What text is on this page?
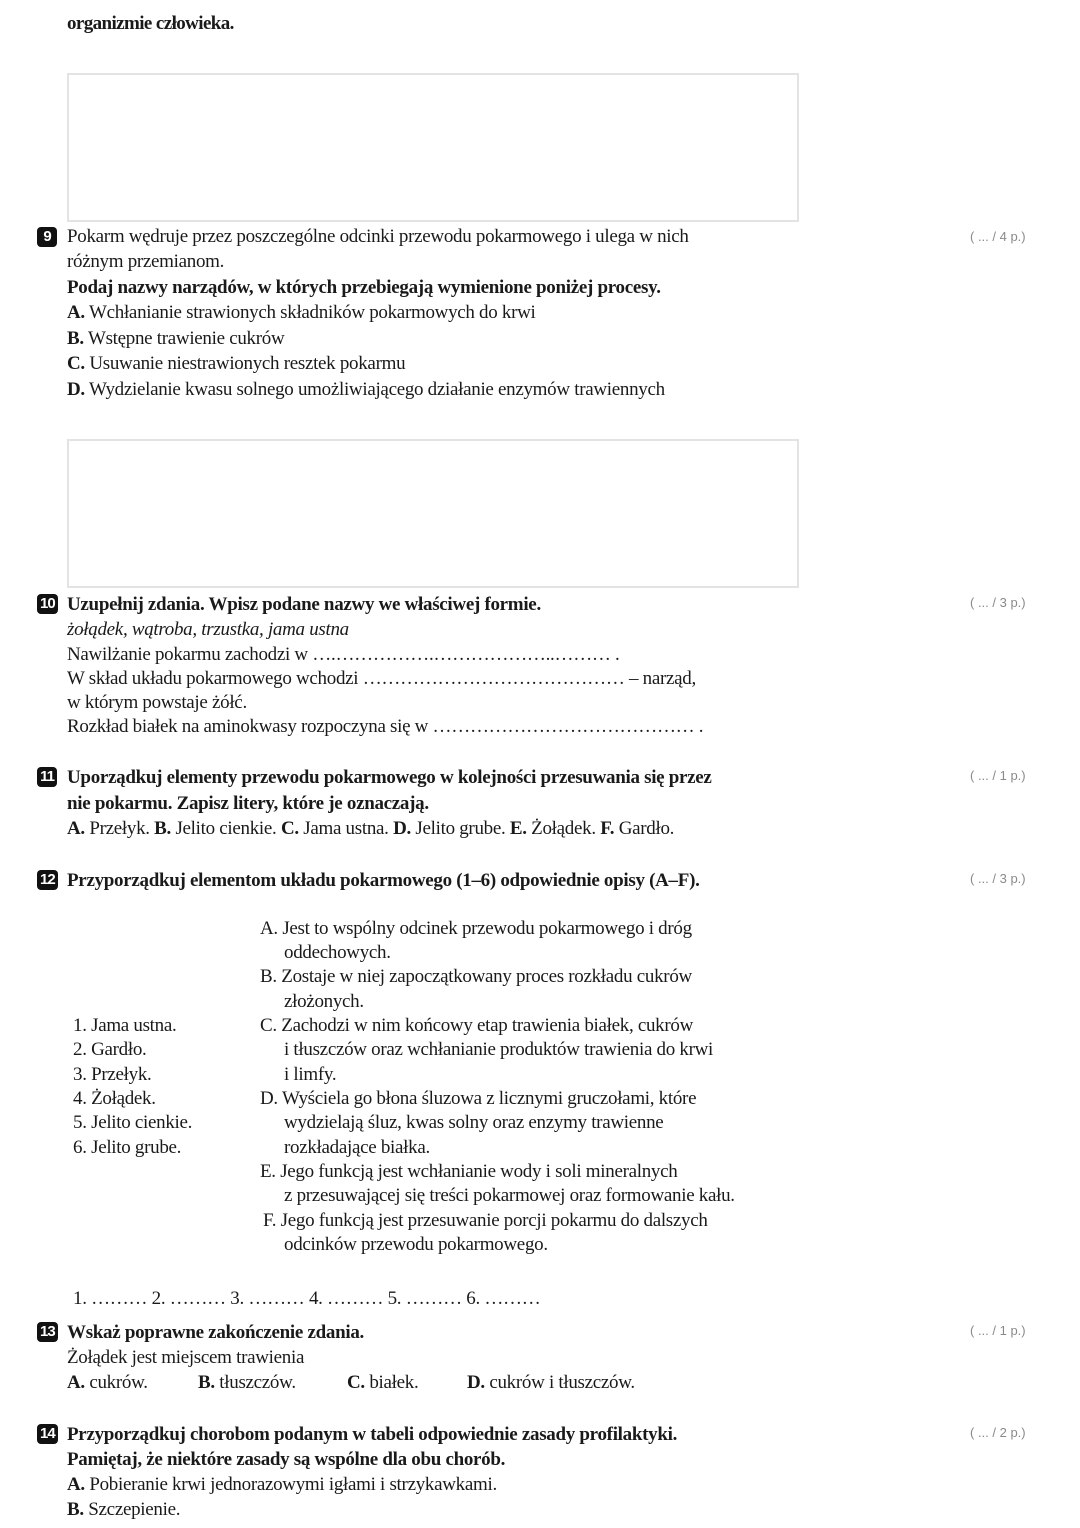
organizmie człowieka.
9	( ... / 4 p.)
Pokarm wędruje przez poszczególne odcinki przewodu pokarmowego i ulega w nich
różnym przemianom.
Podaj nazwy narządów, w których przebiegają wymienione poniżej procesy.
A. Wchłanianie strawionych składników pokarmowych do krwi
B. Wstępne trawienie cukrów
C. Usuwanie niestrawionych resztek pokarmu
D. Wydzielanie kwasu solnego umożliwiającego działanie enzymów trawiennych
10	( ... / 3 p.)
Uzupełnij zdania. Wpisz podane nazwy we właściwej formie.
żołądek, wątroba, trzustka, jama ustna
Nawilżanie pokarmu zachodzi w ….…………….………………..……… .
W skład układu pokarmowego wchodzi …………………………………… – narząd,
w którym powstaje żółć.
Rozkład białek na aminokwasy rozpoczyna się w …………………………………… .
11	( ... / 1 p.)
Uporządkuj elementy przewodu pokarmowego w kolejności przesuwania się przez
nie pokarmu. Zapisz litery, które je oznaczają.
A. Przełyk. B. Jelito cienkie. C. Jama ustna. D. Jelito grube. E. Żołądek. F. Gardło.
12	( ... / 3 p.)
Przyporządkuj elementom układu pokarmowego (1–6) odpowiednie opisy (A–F).
A. Jest to wspólny odcinek przewodu pokarmowego i dróg
oddechowych.
B. Zostaje w niej zapoczątkowany proces rozkładu cukrów
złożonych.
C. Zachodzi w nim końcowy etap trawienia białek, cukrów
i tłuszczów oraz wchłanianie produktów trawienia do krwi
i limfy.
D. Wyściela go błona śluzowa z licznymi gruczołami, które
wydzielają śluz, kwas solny oraz enzymy trawienne
rozkładające białka.
E. Jego funkcją jest wchłanianie wody i soli mineralnych
z przesuwającej się treści pokarmowej oraz formowanie kału.
F. Jego funkcją jest przesuwanie porcji pokarmu do dalszych
odcinków przewodu pokarmowego.
1. Jama ustna.
2. Gardło.
3. Przełyk.
4. Żołądek.
5. Jelito cienkie.
6. Jelito grube.
1. ……… 2. ……… 3. ……… 4. ……… 5. ……… 6. ………
13	( ... / 1 p.)
Wskaż poprawne zakończenie zdania.
Żołądek jest miejscem trawienia
A. cukrów.	B. tłuszczów.	C. białek.	D. cukrów i tłuszczów.
14	( ... / 2 p.)
Przyporządkuj chorobom podanym w tabeli odpowiednie zasady profilaktyki.
Pamiętaj, że niektóre zasady są wspólne dla obu chorób.
A. Pobieranie krwi jednorazowymi igłami i strzykawkami.
B. Szczepienie.
